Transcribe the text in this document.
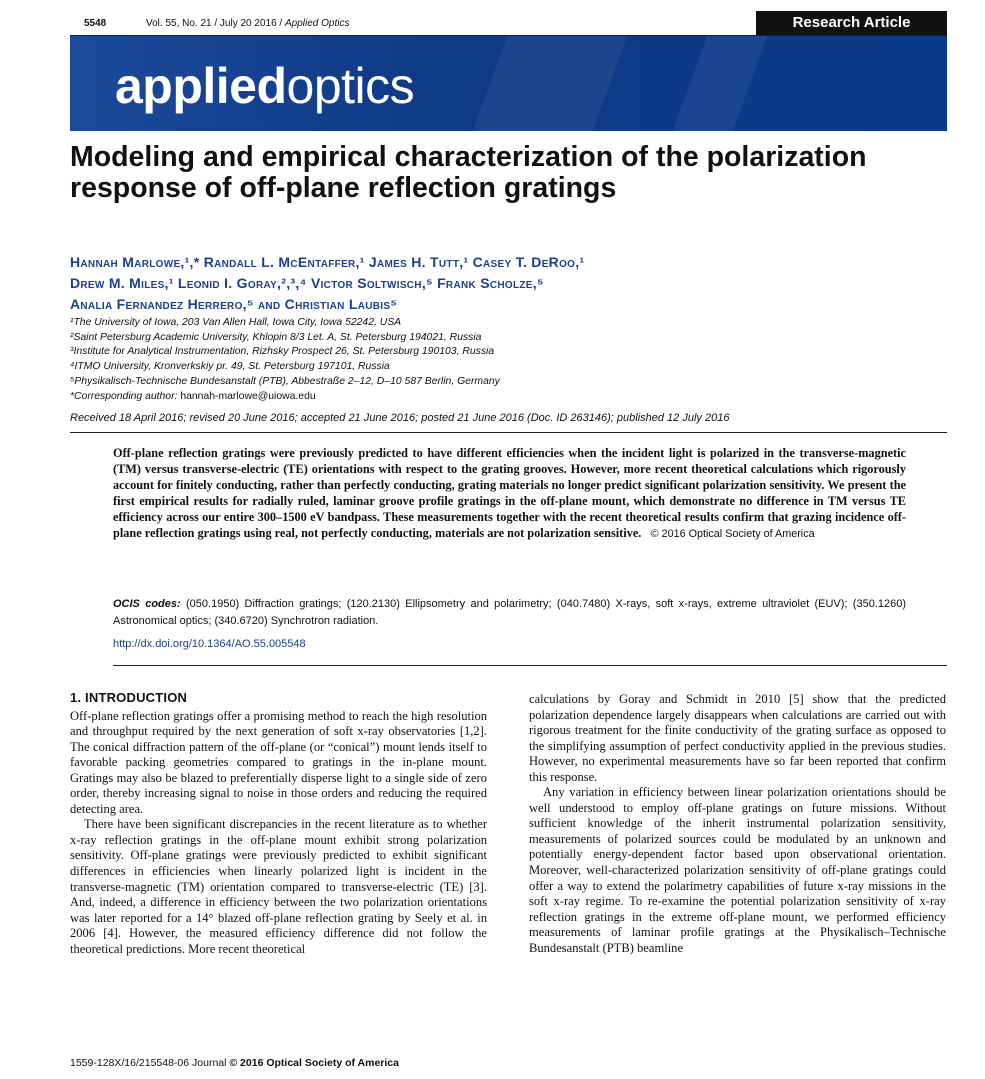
5548	Vol. 55, No. 21 / July 20 2016 / Applied Optics	Research Article
appliedoptics
Modeling and empirical characterization of the polarization response of off-plane reflection gratings
Hannah Marlowe,¹,* Randall L. McEntaffer,¹ James H. Tutt,¹ Casey T. DeRoo,¹
Drew M. Miles,¹ Leonid I. Goray,²,³,⁴ Victor Soltwisch,⁵ Frank Scholze,⁵
Analia Fernandez Herrero,⁵ and Christian Laubis⁵
¹The University of Iowa, 203 Van Allen Hall, Iowa City, Iowa 52242, USA
²Saint Petersburg Academic University, Khlopin 8/3 Let. A, St. Petersburg 194021, Russia
³Institute for Analytical Instrumentation, Rizhsky Prospect 26, St. Petersburg 190103, Russia
⁴ITMO University, Kronverkskiy pr. 49, St. Petersburg 197101, Russia
⁵Physikalisch-Technische Bundesanstalt (PTB), Abbestraße 2–12, D–10 587 Berlin, Germany
*Corresponding author: hannah-marlowe@uiowa.edu
Received 18 April 2016; revised 20 June 2016; accepted 21 June 2016; posted 21 June 2016 (Doc. ID 263146); published 12 July 2016
Off-plane reflection gratings were previously predicted to have different efficiencies when the incident light is polarized in the transverse-magnetic (TM) versus transverse-electric (TE) orientations with respect to the grating grooves. However, more recent theoretical calculations which rigorously account for finitely conducting, rather than perfectly conducting, grating materials no longer predict significant polarization sensitivity. We present the first empirical results for radially ruled, laminar groove profile gratings in the off-plane mount, which demonstrate no difference in TM versus TE efficiency across our entire 300–1500 eV bandpass. These measurements together with the recent theoretical results confirm that grazing incidence off-plane reflection gratings using real, not perfectly conducting, materials are not polarization sensitive. © 2016 Optical Society of America
OCIS codes: (050.1950) Diffraction gratings; (120.2130) Ellipsometry and polarimetry; (040.7480) X-rays, soft x-rays, extreme ultraviolet (EUV); (350.1260) Astronomical optics; (340.6720) Synchrotron radiation.
http://dx.doi.org/10.1364/AO.55.005548
1. INTRODUCTION

Off-plane reflection gratings offer a promising method to reach the high resolution and throughput required by the next generation of soft x-ray observatories [1,2]. The conical diffraction pattern of the off-plane (or “conical”) mount lends itself to favorable packing geometries compared to gratings in the in-plane mount. Gratings may also be blazed to preferentially disperse light to a single side of zero order, thereby increasing signal to noise in those orders and reducing the required detecting area.

There have been significant discrepancies in the recent literature as to whether x-ray reflection gratings in the off-plane mount exhibit strong polarization sensitivity. Off-plane gratings were previously predicted to exhibit significant differences in efficiencies when linearly polarized light is incident in the transverse-magnetic (TM) orientation compared to transverse-electric (TE) [3]. And, indeed, a difference in efficiency between the two polarization orientations was later reported for a 14° blazed off-plane reflection grating by Seely et al. in 2006 [4]. However, the measured efficiency difference did not follow the theoretical predictions. More recent theoretical

calculations by Goray and Schmidt in 2010 [5] show that the predicted polarization dependence largely disappears when calculations are carried out with rigorous treatment for the finite conductivity of the grating surface as opposed to the simplifying assumption of perfect conductivity applied in the previous studies. However, no experimental measurements have so far been reported that confirm this response.

Any variation in efficiency between linear polarization orientations should be well understood to employ off-plane gratings on future missions. Without sufficient knowledge of the inherit instrumental polarization sensitivity, measurements of polarized sources could be modulated by an unknown and potentially energy-dependent factor based upon observational orientation. Moreover, well-characterized polarization sensitivity of off-plane gratings could offer a way to extend the polarimetry capabilities of future x-ray missions in the soft x-ray regime. To re-examine the potential polarization sensitivity of x-ray reflection gratings in the extreme off-plane mount, we performed efficiency measurements of laminar profile gratings at the Physikalisch–Technische Bundesanstalt (PTB) beamline

1559-128X/16/215548-06 Journal © 2016 Optical Society of America
